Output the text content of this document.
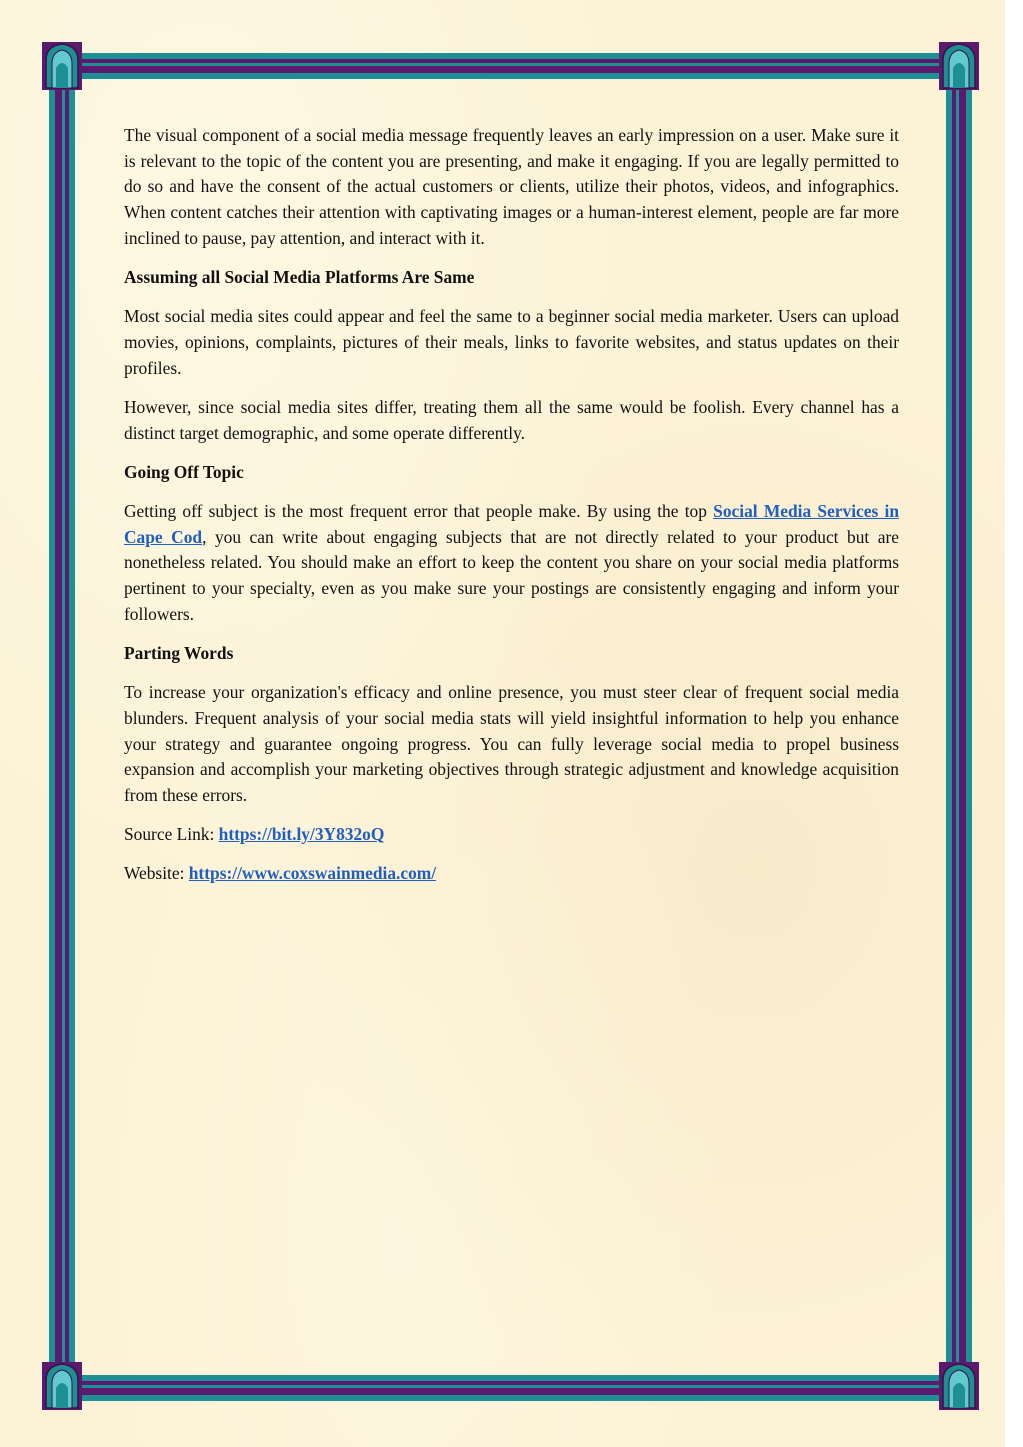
The visual component of a social media message frequently leaves an early impression on a user. Make sure it is relevant to the topic of the content you are presenting, and make it engaging. If you are legally permitted to do so and have the consent of the actual customers or clients, utilize their photos, videos, and infographics. When content catches their attention with captivating images or a human-interest element, people are far more inclined to pause, pay attention, and interact with it.

Assuming all Social Media Platforms Are Same

Most social media sites could appear and feel the same to a beginner social media marketer. Users can upload movies, opinions, complaints, pictures of their meals, links to favorite websites, and status updates on their profiles.

However, since social media sites differ, treating them all the same would be foolish. Every channel has a distinct target demographic, and some operate differently.

Going Off Topic

Getting off subject is the most frequent error that people make. By using the top Social Media Services in Cape Cod, you can write about engaging subjects that are not directly related to your product but are nonetheless related. You should make an effort to keep the content you share on your social media platforms pertinent to your specialty, even as you make sure your postings are consistently engaging and inform your followers.

Parting Words

To increase your organization's efficacy and online presence, you must steer clear of frequent social media blunders. Frequent analysis of your social media stats will yield insightful information to help you enhance your strategy and guarantee ongoing progress. You can fully leverage social media to propel business expansion and accomplish your marketing objectives through strategic adjustment and knowledge acquisition from these errors.

Source Link: https://bit.ly/3Y832oQ
Website: https://www.coxswainmedia.com/
